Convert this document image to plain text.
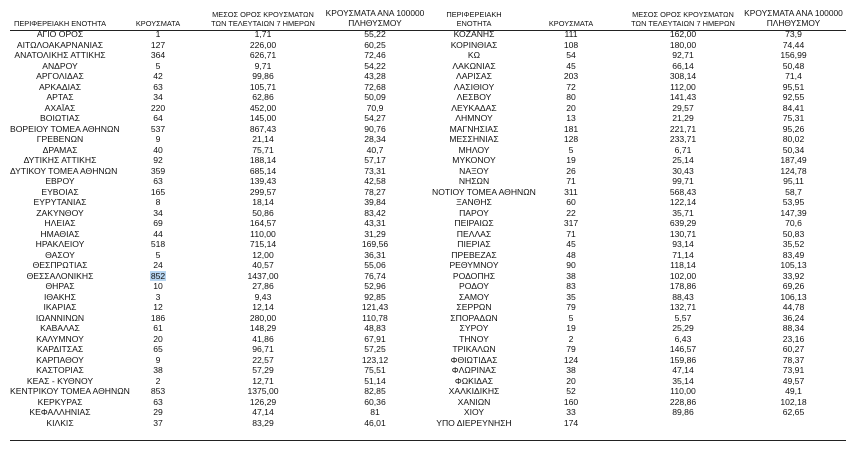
ΠΕΡΙΦΕΡΕΙΑΚΗ ΕΝΟΤΗΤΑ	ΚΡΟΥΣΜΑΤΑ	ΜΕΣΟΣ ΟΡΟΣ ΚΡΟΥΣΜΑΤΩΝ ΤΩΝ ΤΕΛΕΥΤΑΙΩΝ 7 ΗΜΕΡΩΝ	ΚΡΟΥΣΜΑΤΑ ΑΝΑ 100000 ΠΛΗΘΥΣΜΟΥ
ΑΓΙΟ ΟΡΟΣ	1	1,71	55,22
ΑΙΤΩΛΟΑΚΑΡΝΑΝΙΑΣ	127	226,00	60,25
ΑΝΑΤΟΛΙΚΗΣ ΑΤΤΙΚΗΣ	364	626,71	72,46
ΑΝΔΡΟΥ	5	9,71	54,22
ΑΡΓΟΛΙΔΑΣ	42	99,86	43,28
ΑΡΚΑΔΙΑΣ	63	105,71	72,68
ΑΡΤΑΣ	34	62,86	50,09
ΑΧΑΪΑΣ	220	452,00	70,9
ΒΟΙΩΤΙΑΣ	64	145,00	54,27
ΒΟΡΕΙΟΥ ΤΟΜΕΑ ΑΘΗΝΩΝ	537	867,43	90,76
ΓΡΕΒΕΝΩΝ	9	21,14	28,34
ΔΡΑΜΑΣ	40	75,71	40,7
ΔΥΤΙΚΗΣ ΑΤΤΙΚΗΣ	92	188,14	57,17
ΔΥΤΙΚΟΥ ΤΟΜΕΑ ΑΘΗΝΩΝ	359	685,14	73,31
ΕΒΡΟΥ	63	139,43	42,58
ΕΥΒΟΙΑΣ	165	299,57	78,27
ΕΥΡΥΤΑΝΙΑΣ	8	18,14	39,84
ΖΑΚΥΝΘΟΥ	34	50,86	83,42
ΗΛΕΙΑΣ	69	164,57	43,31
ΗΜΑΘΙΑΣ	44	110,00	31,29
ΗΡΑΚΛΕΙΟΥ	518	715,14	169,56
ΘΑΣΟΥ	5	12,00	36,31
ΘΕΣΠΡΩΤΙΑΣ	24	40,57	55,06
ΘΕΣΣΑΛΟΝΙΚΗΣ	852	1437,00	76,74
ΘΗΡΑΣ	10	27,86	52,96
ΙΘΑΚΗΣ	3	9,43	92,85
ΙΚΑΡΙΑΣ	12	12,14	121,43
ΙΩΑΝΝΙΝΩΝ	186	280,00	110,78
ΚΑΒΑΛΑΣ	61	148,29	48,83
ΚΑΛΥΜΝΟΥ	20	41,86	67,91
ΚΑΡΔΙΤΣΑΣ	65	96,71	57,25
ΚΑΡΠΑΘΟΥ	9	22,57	123,12
ΚΑΣΤΟΡΙΑΣ	38	57,29	75,51
ΚΕΑΣ - ΚΥΘΝΟΥ	2	12,71	51,14
ΚΕΝΤΡΙΚΟΥ ΤΟΜΕΑ ΑΘΗΝΩΝ	853	1375,00	82,85
ΚΕΡΚΥΡΑΣ	63	126,29	60,36
ΚΕΦΑΛΛΗΝΙΑΣ	29	47,14	81
ΚΙΛΚΙΣ	37	83,29	46,01
ΠΕΡΙΦΕΡΕΙΑΚΗ ΕΝΟΤΗΤΑ	ΚΡΟΥΣΜΑΤΑ	ΜΕΣΟΣ ΟΡΟΣ ΚΡΟΥΣΜΑΤΩΝ ΤΩΝ ΤΕΛΕΥΤΑΙΩΝ 7 ΗΜΕΡΩΝ	ΚΡΟΥΣΜΑΤΑ ΑΝΑ 100000 ΠΛΗΘΥΣΜΟΥ
ΚΟΖΑΝΗΣ	111	162,00	73,9
ΚΟΡΙΝΘΙΑΣ	108	180,00	74,44
ΚΩ	54	92,71	156,99
ΛΑΚΩΝΙΑΣ	45	66,14	50,48
ΛΑΡΙΣΑΣ	203	308,14	71,4
ΛΑΣΙΘΙΟΥ	72	112,00	95,51
ΛΕΣΒΟΥ	80	141,43	92,55
ΛΕΥΚΑΔΑΣ	20	29,57	84,41
ΛΗΜΝΟΥ	13	21,29	75,31
ΜΑΓΝΗΣΙΑΣ	181	221,71	95,26
ΜΕΣΣΗΝΙΑΣ	128	233,71	80,02
ΜΗΛΟΥ	5	6,71	50,34
ΜΥΚΟΝΟΥ	19	25,14	187,49
ΝΑΞΟΥ	26	30,43	124,78
ΝΗΣΩΝ	71	99,71	95,11
ΝΟΤΙΟΥ ΤΟΜΕΑ ΑΘΗΝΩΝ	311	568,43	58,7
ΞΑΝΘΗΣ	60	122,14	53,95
ΠΑΡΟΥ	22	35,71	147,39
ΠΕΙΡΑΙΩΣ	317	639,29	70,6
ΠΕΛΛΑΣ	71	130,71	50,83
ΠΙΕΡΙΑΣ	45	93,14	35,52
ΠΡΕΒΕΖΑΣ	48	71,14	83,49
ΡΕΘΥΜΝΟΥ	90	118,14	105,13
ΡΟΔΟΠΗΣ	38	102,00	33,92
ΡΟΔΟΥ	83	178,86	69,26
ΣΑΜΟΥ	35	88,43	106,13
ΣΕΡΡΩΝ	79	132,71	44,78
ΣΠΟΡΑΔΩΝ	5	5,57	36,24
ΣΥΡΟΥ	19	25,29	88,34
ΤΗΝΟΥ	2	6,43	23,16
ΤΡΙΚΑΛΩΝ	79	146,57	60,27
ΦΘΙΩΤΙΔΑΣ	124	159,86	78,37
ΦΛΩΡΙΝΑΣ	38	47,14	73,91
ΦΩΚΙΔΑΣ	20	35,14	49,57
ΧΑΛΚΙΔΙΚΗΣ	52	110,00	49,1
ΧΑΝΙΩΝ	160	228,86	102,18
ΧΙΟΥ	33	89,86	62,65
ΥΠΟ ΔΙΕΡΕΥΝΗΣΗ	174		
